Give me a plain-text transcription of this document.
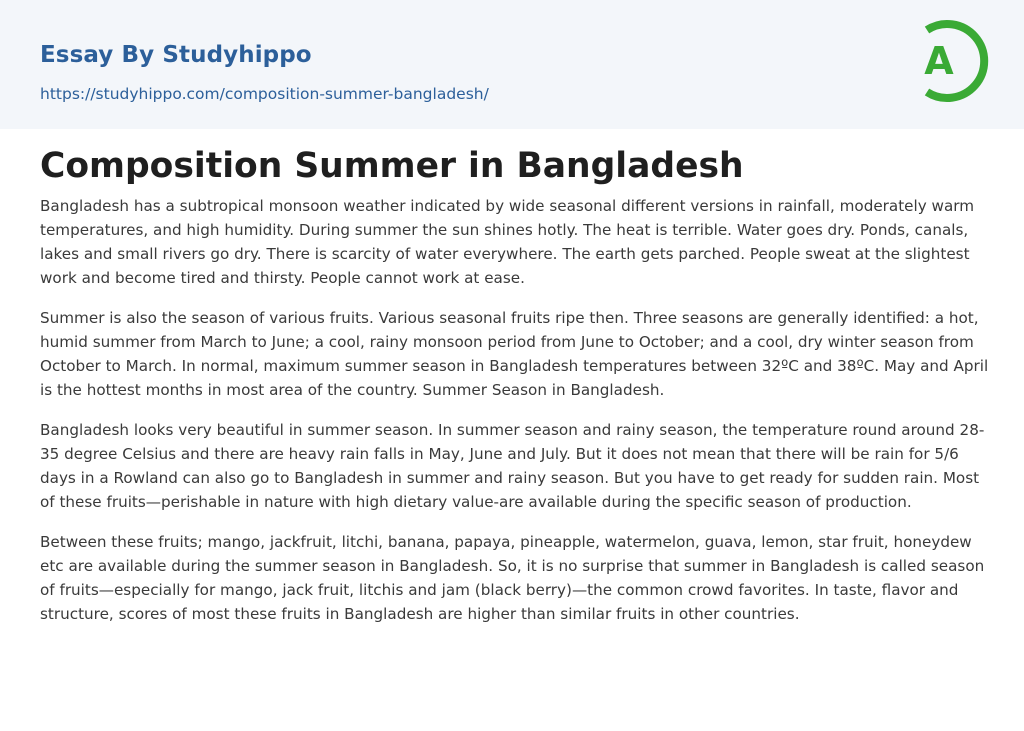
Essay By Studyhippo
https://studyhippo.com/composition-summer-bangladesh/
A
Composition Summer in Bangladesh

Bangladesh has a subtropical monsoon weather indicated by wide seasonal different versions in rainfall, moderately warm temperatures, and high humidity. During summer the sun shines hotly. The heat is terrible. Water goes dry. Ponds, canals, lakes and small rivers go dry. There is scarcity of water everywhere. The earth gets parched. People sweat at the slightest work and become tired and thirsty. People cannot work at ease.

Summer is also the season of various fruits. Various seasonal fruits ripe then. Three seasons are generally identified: a hot, humid summer from March to June; a cool, rainy monsoon period from June to October; and a cool, dry winter season from October to March. In normal, maximum summer season in Bangladesh temperatures between 32ºC and 38ºC. May and April is the hottest months in most area of the country. Summer Season in Bangladesh.

Bangladesh looks very beautiful in summer season. In summer season and rainy season, the temperature round around 28-35 degree Celsius and there are heavy rain falls in May, June and July. But it does not mean that there will be rain for 5/6 days in a Rowland can also go to Bangladesh in summer and rainy season. But you have to get ready for sudden rain. Most of these fruits—perishable in nature with high dietary value-are available during the specific season of production.

Between these fruits; mango, jackfruit, litchi, banana, papaya, pineapple, watermelon, guava, lemon, star fruit, honeydew etc are available during the summer season in Bangladesh. So, it is no surprise that summer in Bangladesh is called season of fruits—especially for mango, jack fruit, litchis and jam (black berry)—the common crowd favorites. In taste, flavor and structure, scores of most these fruits in Bangladesh are higher than similar fruits in other countries.
